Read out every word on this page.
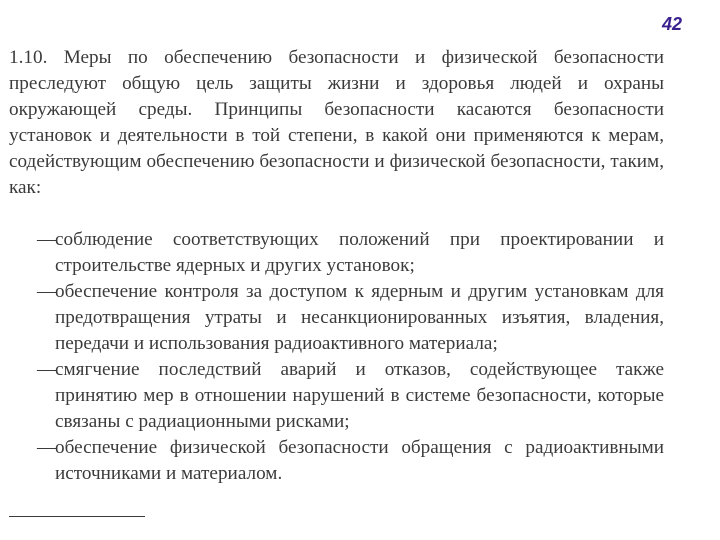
42

1.10. Меры по обеспечению безопасности и физической безопасности преследуют общую цель защиты жизни и здоровья людей и охраны окружающей среды. Принципы безопасности касаются безопасности установок и деятельности в той степени, в какой они применяются к мерам, содействующим обеспечению безопасности и физической безопасности, таким, как:

—
соблюдение соответствующих положений при проектировании и строительстве ядерных и других установок;
—
обеспечение контроля за доступом к ядерным и другим установкам для предотвращения утраты и несанкционированных изъятия, владения, передачи и использования радиоактивного материала;
—
смягчение последствий аварий и отказов, содействующее также принятию мер в отношении нарушений в системе безопасности, которые связаны с радиационными рисками;
—
обеспечение физической безопасности обращения с радиоактивными источниками и материалом.
